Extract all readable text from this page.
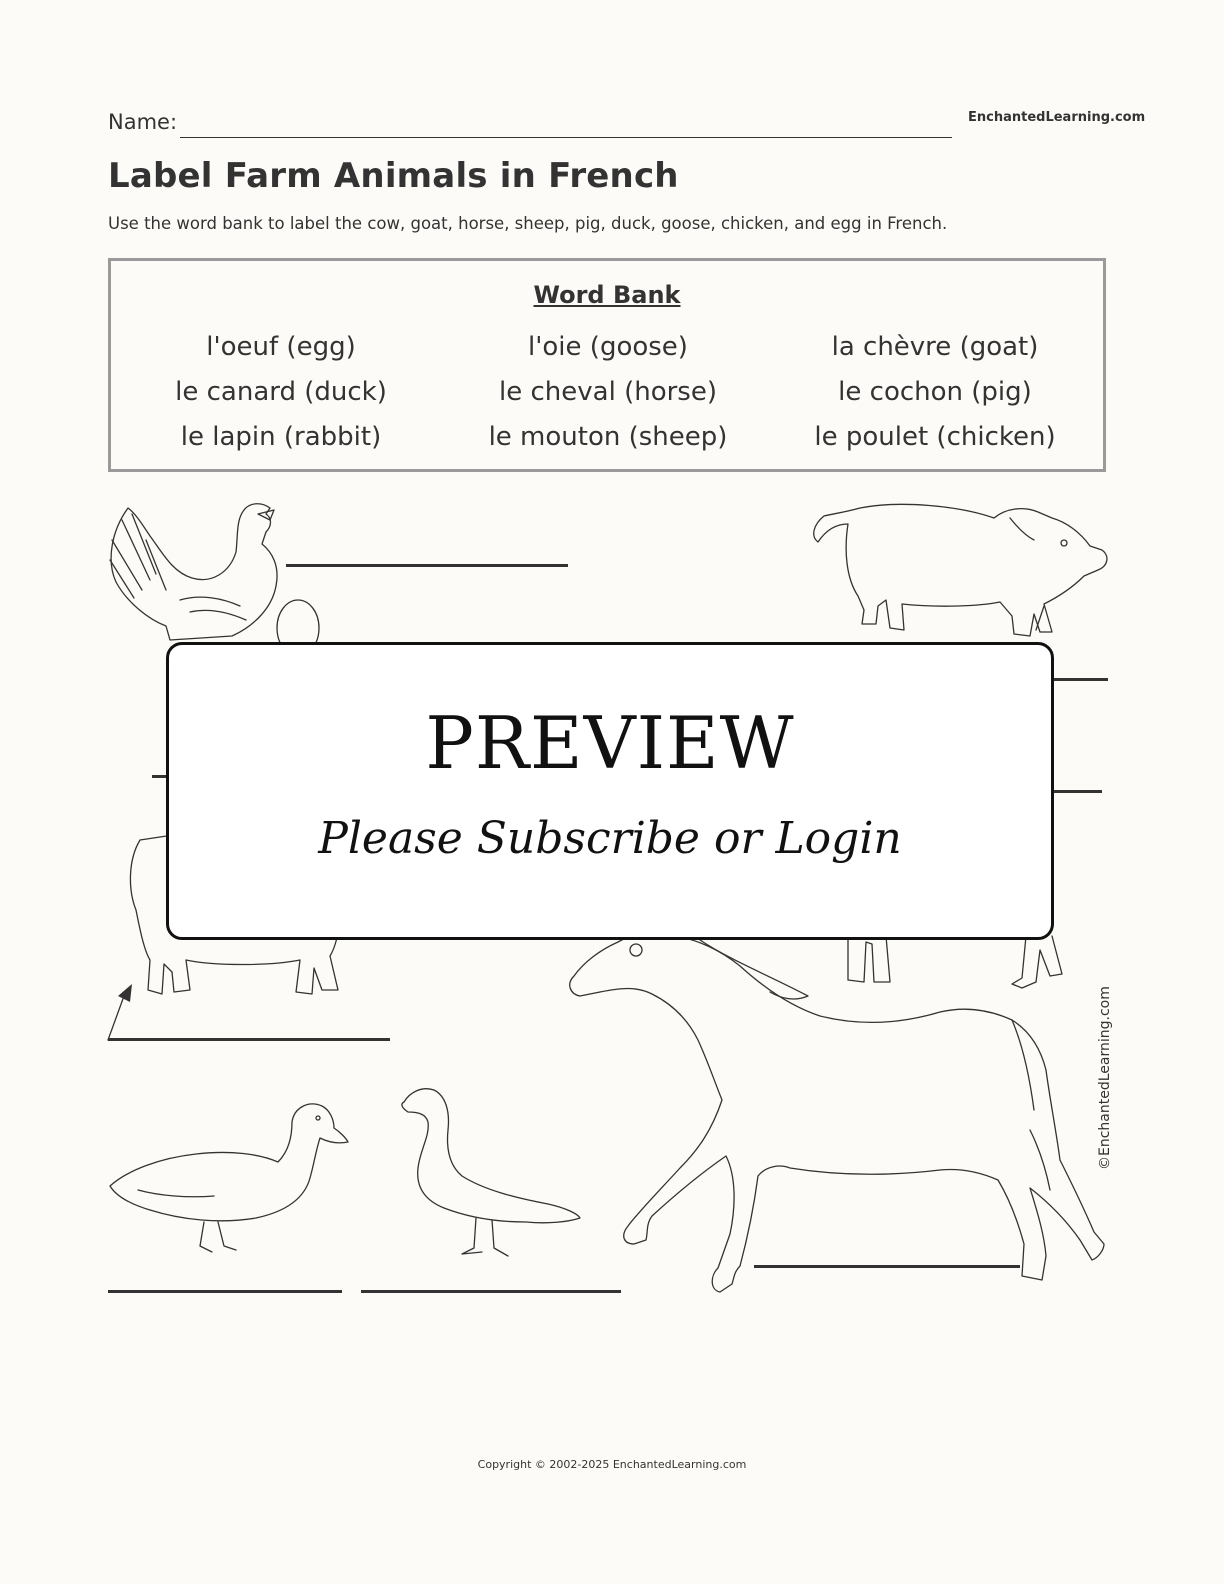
Name:	EnchantedLearning.com
Label Farm Animals in French
Use the word bank to label the cow, goat, horse, sheep, pig, duck, goose, chicken, and egg in French.
Word Bank
l'oeuf (egg)
le canard (duck)
le lapin (rabbit)
l'oie (goose)
le cheval (horse)
le mouton (sheep)
la chèvre (goat)
le cochon (pig)
le poulet (chicken)
PREVIEW
Please Subscribe or Login
©EnchantedLearning.com
Copyright © 2002-2025 EnchantedLearning.com
